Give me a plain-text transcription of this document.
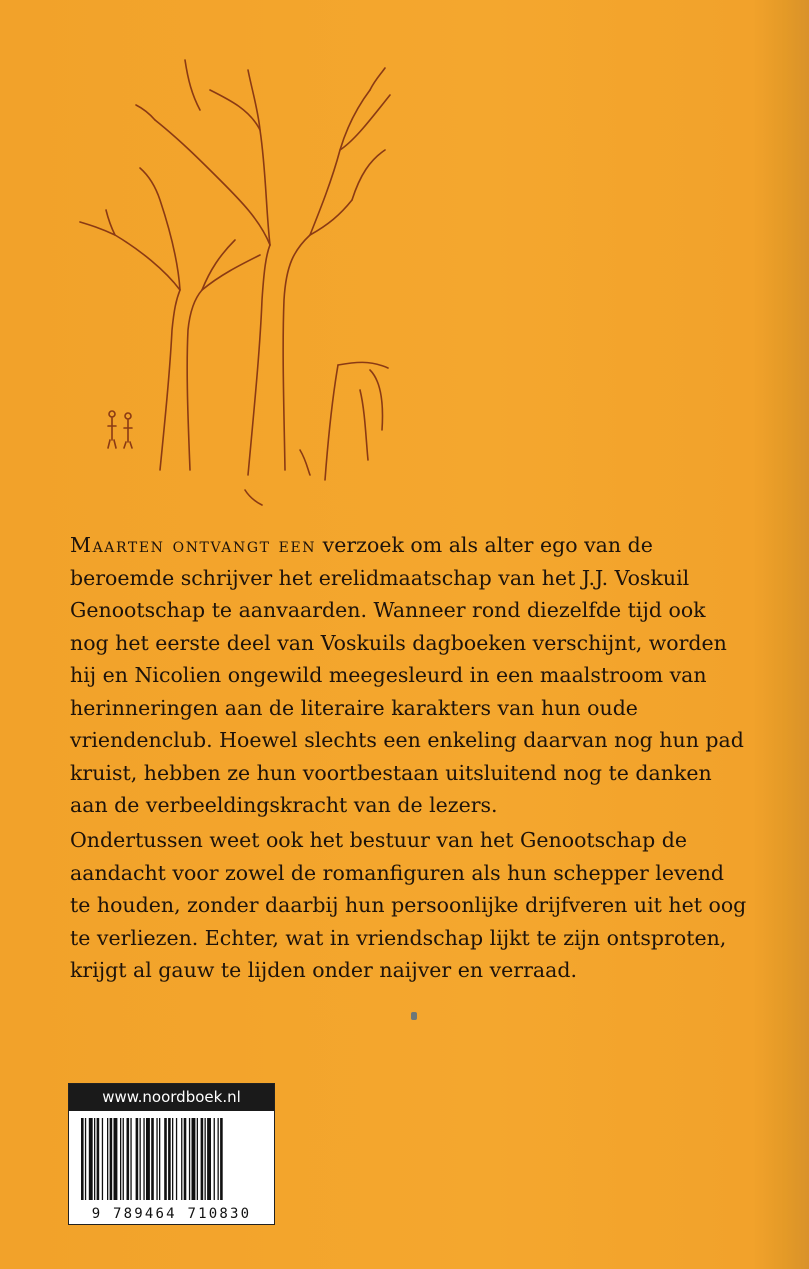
Maarten ontvangt een verzoek om als alter ego van de beroemde schrijver het erelidmaatschap van het J.J. Voskuil Genootschap te aanvaarden. Wanneer rond diezelfde tijd ook nog het eerste deel van Voskuils dagboeken verschijnt, worden hij en Nicolien ongewild meegesleurd in een maalstroom van herinneringen aan de literaire karakters van hun oude vriendenclub. Hoewel slechts een enkeling daarvan nog hun pad kruist, hebben ze hun voortbestaan uitsluitend nog te danken aan de verbeeldingskracht van de lezers.

Ondertussen weet ook het bestuur van het Genootschap de aandacht voor zowel de romanfiguren als hun schepper levend te houden, zonder daarbij hun persoonlijke drijfveren uit het oog te verliezen. Echter, wat in vriendschap lijkt te zijn ontsproten, krijgt al gauw te lijden onder naijver en verraad.

www.noordboek.nl
9 789464 710830
